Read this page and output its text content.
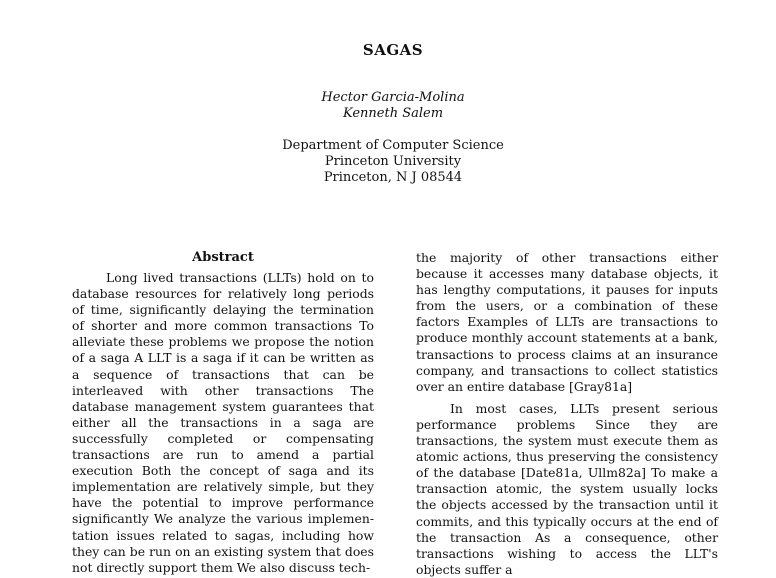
SAGAS
Hector Garcia-Molina
Kenneth Salem
Department of Computer Science
Princeton University
Princeton, N J 08544
Abstract

Long lived transactions (LLTs) hold on to database resources for relatively long periods of time, significantly delaying the termination of shorter and more common transactions To alleviate these problems we propose the notion of a saga A LLT is a saga if it can be written as a sequence of transactions that can be interleaved with other transactions The database management system guarantees that either all the transactions in a saga are successfully completed or compensating transactions are run to amend a partial execution Both the concept of saga and its implementation are relatively simple, but they have the potential to improve performance significantly We analyze the various implementation issues related to sagas, including how they can be run on an existing system that does not directly support them We also discuss tech-

the majority of other transactions either because it accesses many database objects, it has lengthy computations, it pauses for inputs from the users, or a combination of these factors Examples of LLTs are transactions to produce monthly account statements at a bank, transactions to process claims at an insurance company, and transactions to collect statistics over an entire database [Gray81a]

In most cases, LLTs present serious performance problems Since they are transactions, the system must execute them as atomic actions, thus preserving the consistency of the database [Date81a, Ullm82a] To make a transaction atomic, the system usually locks the objects accessed by the transaction until it commits, and this typically occurs at the end of the transaction As a consequence, other transactions wishing to access the LLT's objects suffer a
